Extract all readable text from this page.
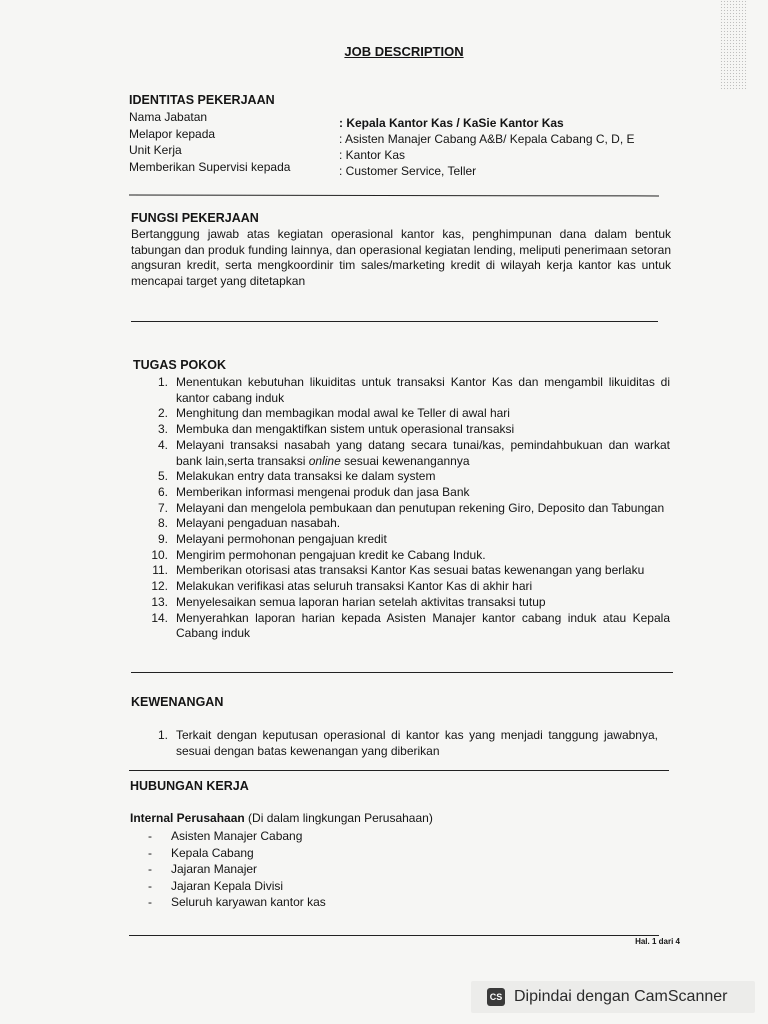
JOB DESCRIPTION
IDENTITAS PEKERJAAN
Nama Jabatan	: Kepala Kantor Kas / KaSie Kantor Kas
Melapor kepada	: Asisten Manajer Cabang A&B/ Kepala Cabang C, D, E
Unit Kerja	: Kantor Kas
Memberikan Supervisi kepada	: Customer Service, Teller
FUNGSI PEKERJAAN
Bertanggung jawab atas kegiatan operasional kantor kas, penghimpunan dana dalam bentuk tabungan dan produk funding lainnya, dan operasional kegiatan lending, meliputi penerimaan setoran angsuran kredit, serta mengkoordinir tim sales/marketing kredit di wilayah kerja kantor kas untuk mencapai target yang ditetapkan
TUGAS POKOK
1. Menentukan kebutuhan likuiditas untuk transaksi Kantor Kas dan mengambil likuiditas di kantor cabang induk
2. Menghitung dan membagikan modal awal ke Teller di awal hari
3. Membuka dan mengaktifkan sistem untuk operasional transaksi
4. Melayani transaksi nasabah yang datang secara tunai/kas, pemindahbukuan dan warkat bank lain,serta transaksi online sesuai kewenangannya
5. Melakukan entry data transaksi ke dalam system
6. Memberikan informasi mengenai produk dan jasa Bank
7. Melayani dan mengelola pembukaan dan penutupan rekening Giro, Deposito dan Tabungan
8. Melayani pengaduan nasabah.
9. Melayani permohonan pengajuan kredit
10. Mengirim permohonan pengajuan kredit ke Cabang Induk.
11. Memberikan otorisasi atas transaksi Kantor Kas sesuai batas kewenangan yang berlaku
12. Melakukan verifikasi atas seluruh transaksi Kantor Kas di akhir hari
13. Menyelesaikan semua laporan harian setelah aktivitas transaksi tutup
14. Menyerahkan laporan harian kepada Asisten Manajer kantor cabang induk atau Kepala Cabang induk
KEWENANGAN
1. Terkait dengan keputusan operasional di kantor kas yang menjadi tanggung jawabnya, sesuai dengan batas kewenangan yang diberikan
HUBUNGAN KERJA
Internal Perusahaan (Di dalam lingkungan Perusahaan)
- Asisten Manajer Cabang
- Kepala Cabang
- Jajaran Manajer
- Jajaran Kepala Divisi
- Seluruh karyawan kantor kas
Hal. 1 dari 4
CS Dipindai dengan CamScanner
